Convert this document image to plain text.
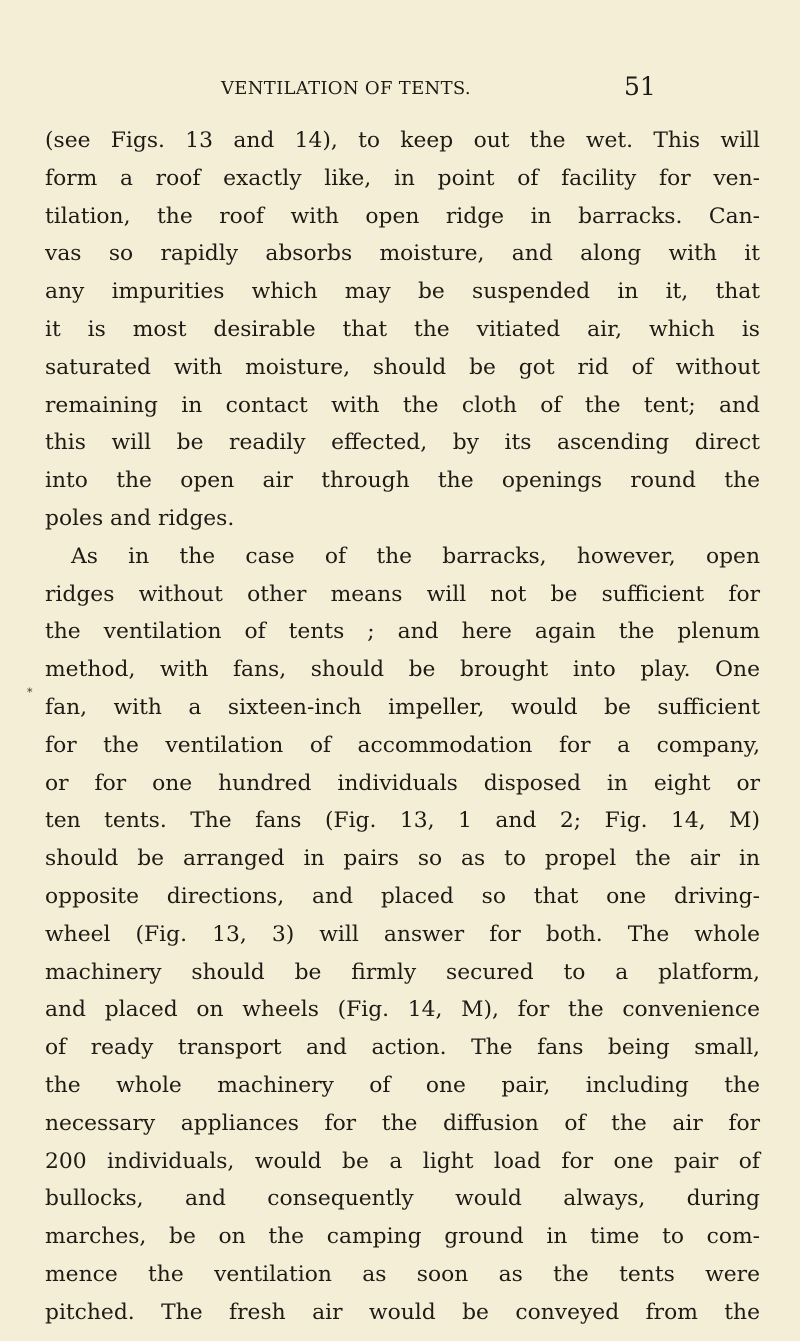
VENTILATION OF TENTS.	51
*
(see Figs. 13 and 14), to keep out the wet. This will
form a roof exactly like, in point of facility for ven-
tilation, the roof with open ridge in barracks. Can-
vas so rapidly absorbs moisture, and along with it
any impurities which may be suspended in it, that
it is most desirable that the vitiated air, which is
saturated with moisture, should be got rid of without
remaining in contact with the cloth of the tent; and
this will be readily effected, by its ascending direct
into the open air through the openings round the
poles and ridges.
As in the case of the barracks, however, open
ridges without other means will not be sufficient for
the ventilation of tents ; and here again the plenum
method, with fans, should be brought into play. One
fan, with a sixteen-inch impeller, would be sufficient
for the ventilation of accommodation for a company,
or for one hundred individuals disposed in eight or
ten tents. The fans (Fig. 13, 1 and 2; Fig. 14, M)
should be arranged in pairs so as to propel the air in
opposite directions, and placed so that one driving-
wheel (Fig. 13, 3) will answer for both. The whole
machinery should be firmly secured to a platform,
and placed on wheels (Fig. 14, M), for the convenience
of ready transport and action. The fans being small,
the whole machinery of one pair, including the
necessary appliances for the diffusion of the air for
200 individuals, would be a light load for one pair of
bullocks, and consequently would always, during
marches, be on the camping ground in time to com-
mence the ventilation as soon as the tents were
pitched. The fresh air would be conveyed from the
